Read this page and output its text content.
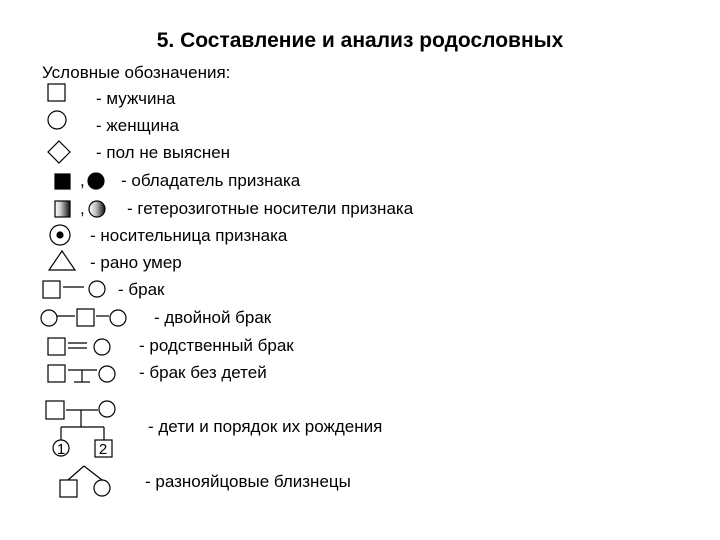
5. Составление и анализ родословных
Условные обозначения:
- мужчина
- женщина
- пол не выяснен
, - обладатель признака
, - гетерозиготные носители признака
- носительница признака
- рано умер
- брак
- двойной брак
- родственный брак
- брак без детей
- дети и порядок их рождения
- разнояйцовые близнецы
1 2
